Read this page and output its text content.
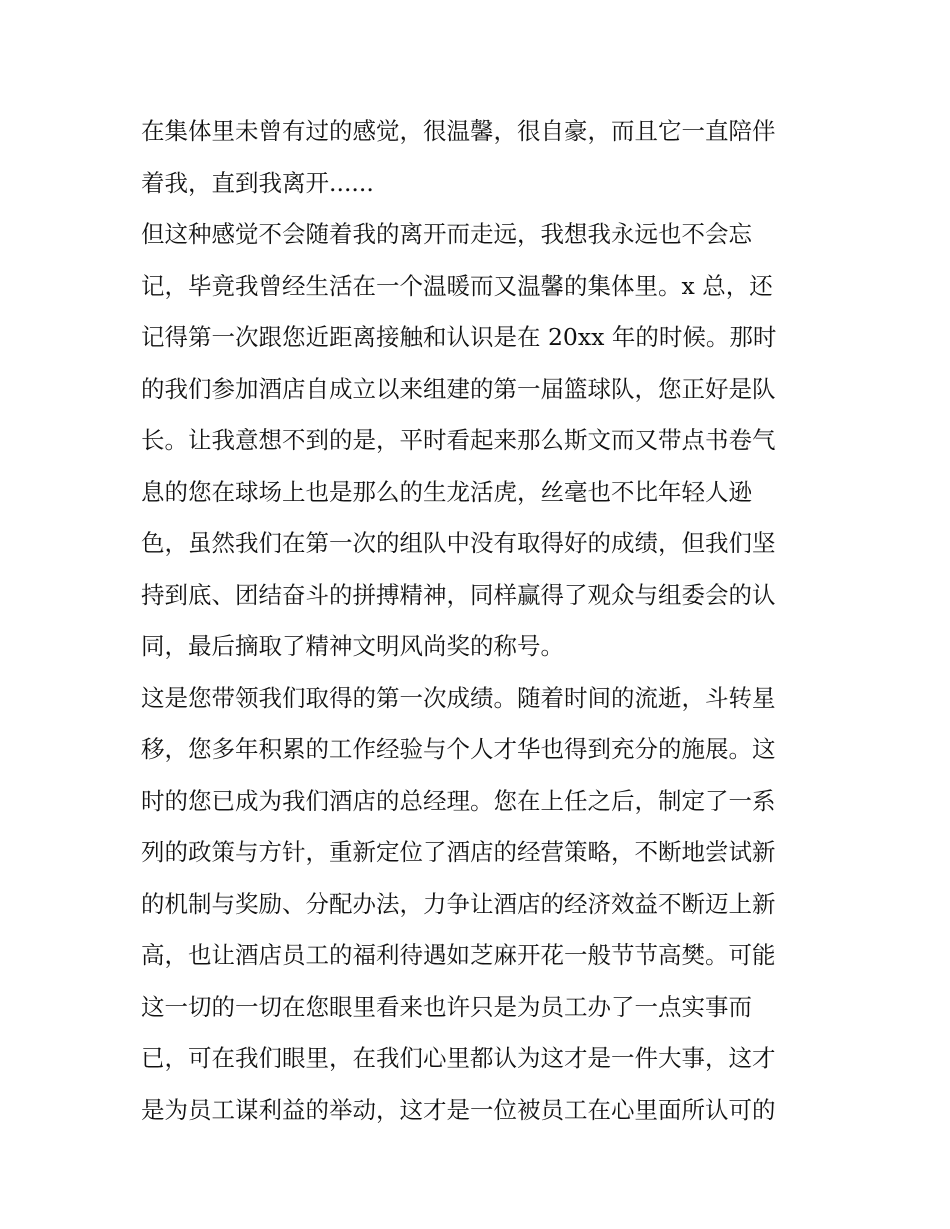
在集体里未曾有过的感觉，很温馨，很自豪，而且它一直陪伴
着我，直到我离开......
但这种感觉不会随着我的离开而走远，我想我永远也不会忘
记，毕竟我曾经生活在一个温暖而又温馨的集体里。x 总，还
记得第一次跟您近距离接触和认识是在 20xx 年的时候。那时
的我们参加酒店自成立以来组建的第一届篮球队，您正好是队
长。让我意想不到的是，平时看起来那么斯文而又带点书卷气
息的您在球场上也是那么的生龙活虎，丝毫也不比年轻人逊
色，虽然我们在第一次的组队中没有取得好的成绩，但我们坚
持到底、团结奋斗的拼搏精神，同样赢得了观众与组委会的认
同，最后摘取了精神文明风尚奖的称号。
这是您带领我们取得的第一次成绩。随着时间的流逝，斗转星
移，您多年积累的工作经验与个人才华也得到充分的施展。这
时的您已成为我们酒店的总经理。您在上任之后，制定了一系
列的政策与方针，重新定位了酒店的经营策略，不断地尝试新
的机制与奖励、分配办法，力争让酒店的经济效益不断迈上新
高，也让酒店员工的福利待遇如芝麻开花一般节节高樊。可能
这一切的一切在您眼里看来也许只是为员工办了一点实事而
已，可在我们眼里，在我们心里都认为这才是一件大事，这才
是为员工谋利益的举动，这才是一位被员工在心里面所认可的
